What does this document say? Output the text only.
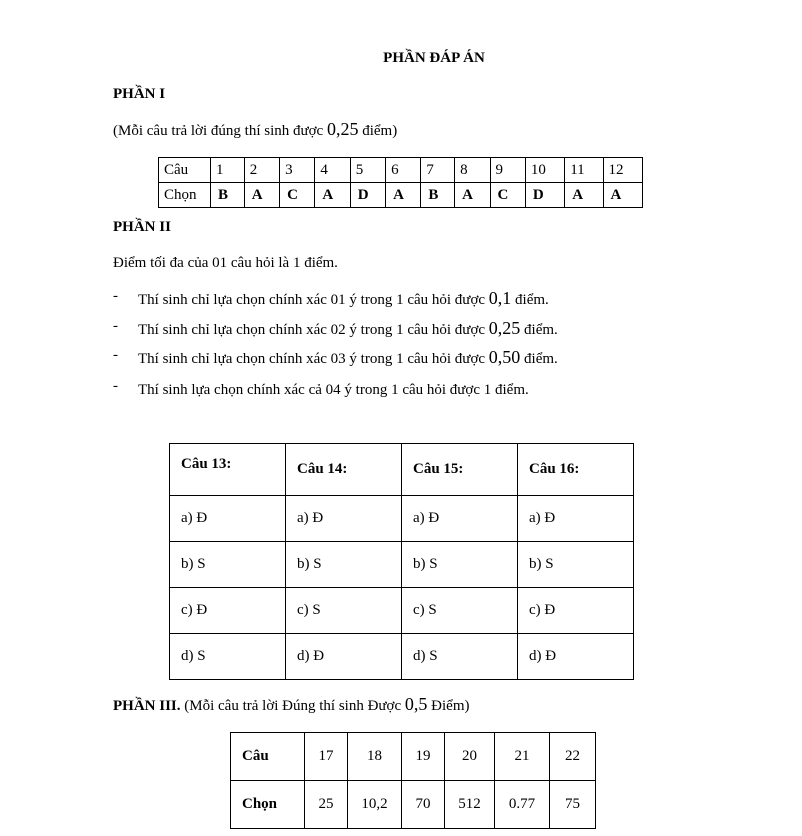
PHẦN ĐÁP ÁN
PHẦN I
(Mỗi câu trả lời đúng thí sinh được 0,25 điểm)
Câu	1	2	3	4	5	6	7	8	9	10	11	12
Chọn	B	A	C	A	D	A	B	A	C	D	A	A
PHẦN II
Điểm tối đa của 01 câu hỏi là 1 điểm.
- Thí sinh chỉ lựa chọn chính xác 01 ý trong 1 câu hỏi được 0,1 điểm.
- Thí sinh chỉ lựa chọn chính xác 02 ý trong 1 câu hỏi được 0,25 điểm.
- Thí sinh chỉ lựa chọn chính xác 03 ý trong 1 câu hỏi được 0,50 điểm.
- Thí sinh lựa chọn chính xác cả 04 ý trong 1 câu hỏi được 1 điểm.
Câu 13:	Câu 14:	Câu 15:	Câu 16:
a) Đ	a) Đ	a) Đ	a) Đ
b) S	b) S	b) S	b) S
c) Đ	c) S	c) S	c) Đ
d) S	d) Đ	d) S	d) Đ
PHẦN III. (Mỗi câu trả lời Đúng thí sinh Được 0,5 Điểm)
Câu	17	18	19	20	21	22
Chọn	25	10,2	70	512	0.77	75
